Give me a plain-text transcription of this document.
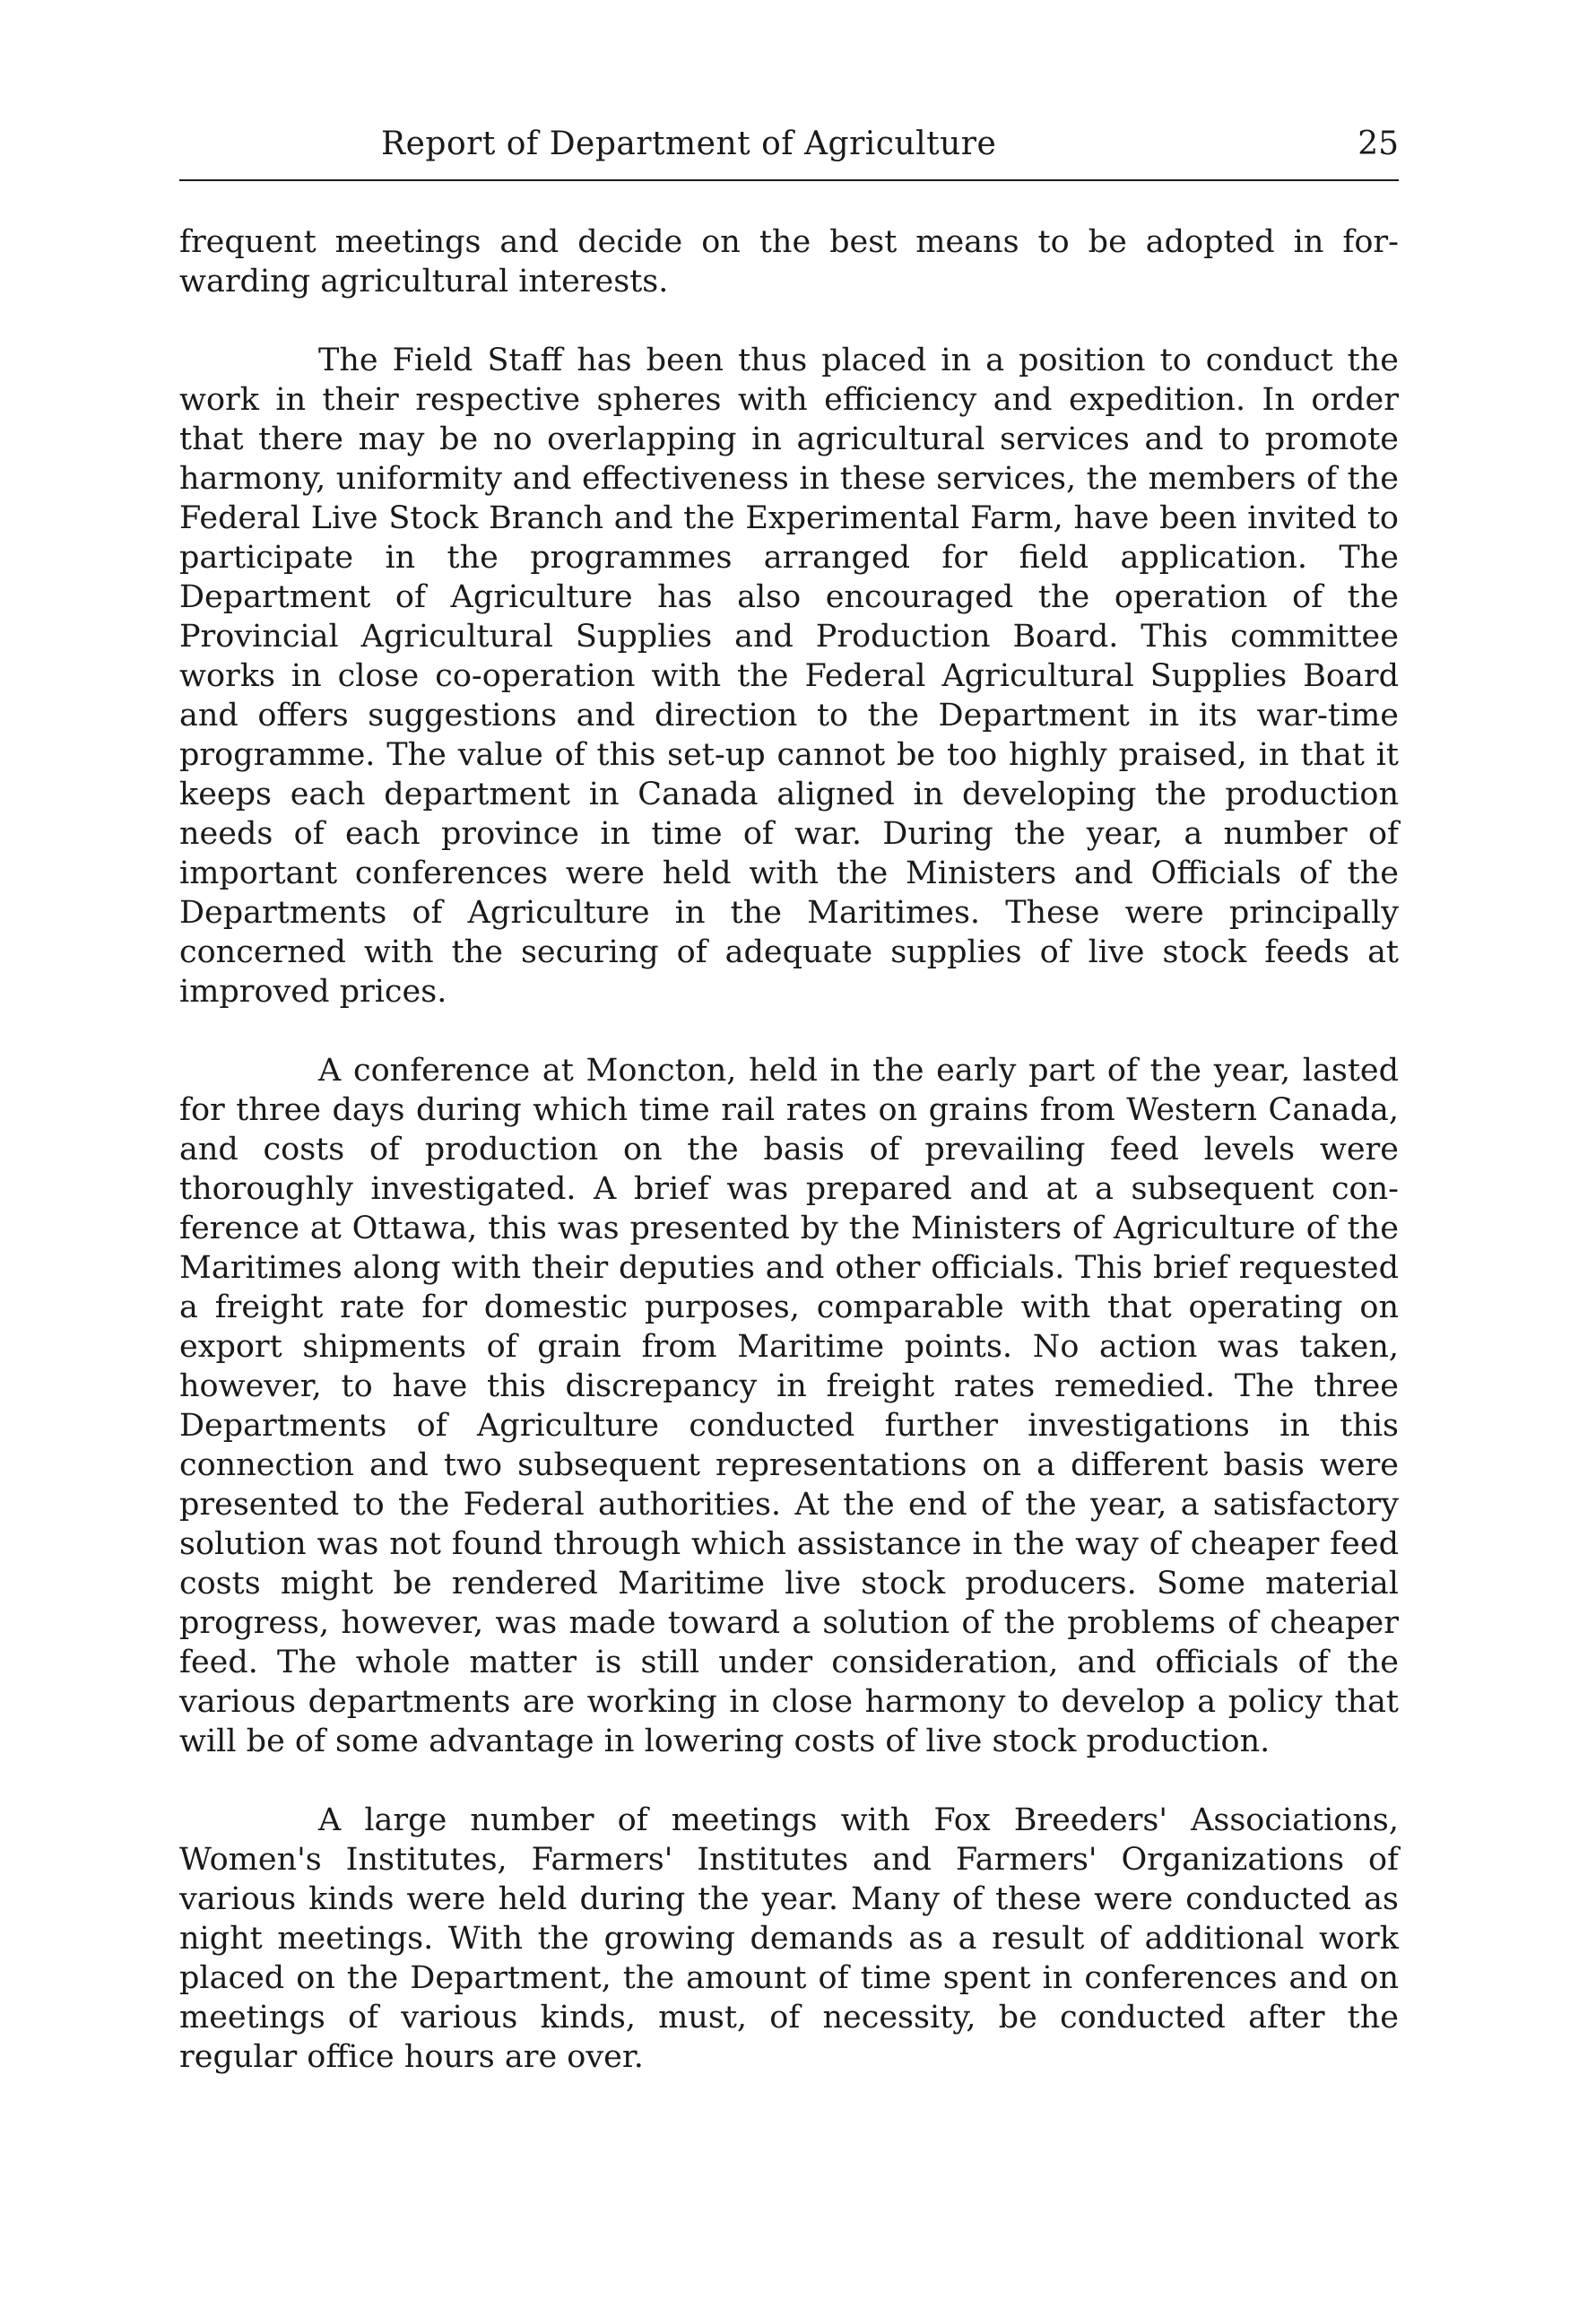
Report of Department of Agriculture	25

frequent meetings and decide on the best means to be adopted in forwarding agricultural interests.

The Field Staff has been thus placed in a position to conduct the work in their respective spheres with efficiency and expedition. In order that there may be no overlapping in agricultural services and to promote harmony, uniformity and effectiveness in these services, the members of the Federal Live Stock Branch and the Experimental Farm, have been invited to participate in the programmes arranged for field application. The Department of Agriculture has also encouraged the operation of the Provincial Agricultural Supplies and Production Board. This committee works in close co-operation with the Federal Agricultural Supplies Board and offers suggestions and direction to the Department in its war-time programme. The value of this set-up cannot be too highly praised, in that it keeps each department in Canada aligned in developing the production needs of each province in time of war. During the year, a number of important conferences were held with the Ministers and Officials of the Departments of Agriculture in the Maritimes. These were principally concerned with the securing of adequate supplies of live stock feeds at improved prices.

A conference at Moncton, held in the early part of the year, lasted for three days during which time rail rates on grains from Western Canada, and costs of production on the basis of prevailing feed levels were thoroughly investigated. A brief was prepared and at a subsequent conference at Ottawa, this was presented by the Ministers of Agriculture of the Maritimes along with their deputies and other officials. This brief requested a freight rate for domestic purposes, comparable with that operating on export shipments of grain from Maritime points. No action was taken, however, to have this discrepancy in freight rates remedied. The three Departments of Agriculture conducted further investigations in this connection and two subsequent representations on a different basis were presented to the Federal authorities. At the end of the year, a satisfactory solution was not found through which assistance in the way of cheaper feed costs might be rendered Maritime live stock producers. Some material progress, however, was made toward a solution of the problems of cheaper feed. The whole matter is still under consideration, and officials of the various departments are working in close harmony to develop a policy that will be of some advantage in lowering costs of live stock production.

A large number of meetings with Fox Breeders' Associations, Women's Institutes, Farmers' Institutes and Farmers' Organizations of various kinds were held during the year. Many of these were conducted as night meetings. With the growing demands as a result of additional work placed on the Department, the amount of time spent in conferences and on meetings of various kinds, must, of necessity, be conducted after the regular office hours are over.
